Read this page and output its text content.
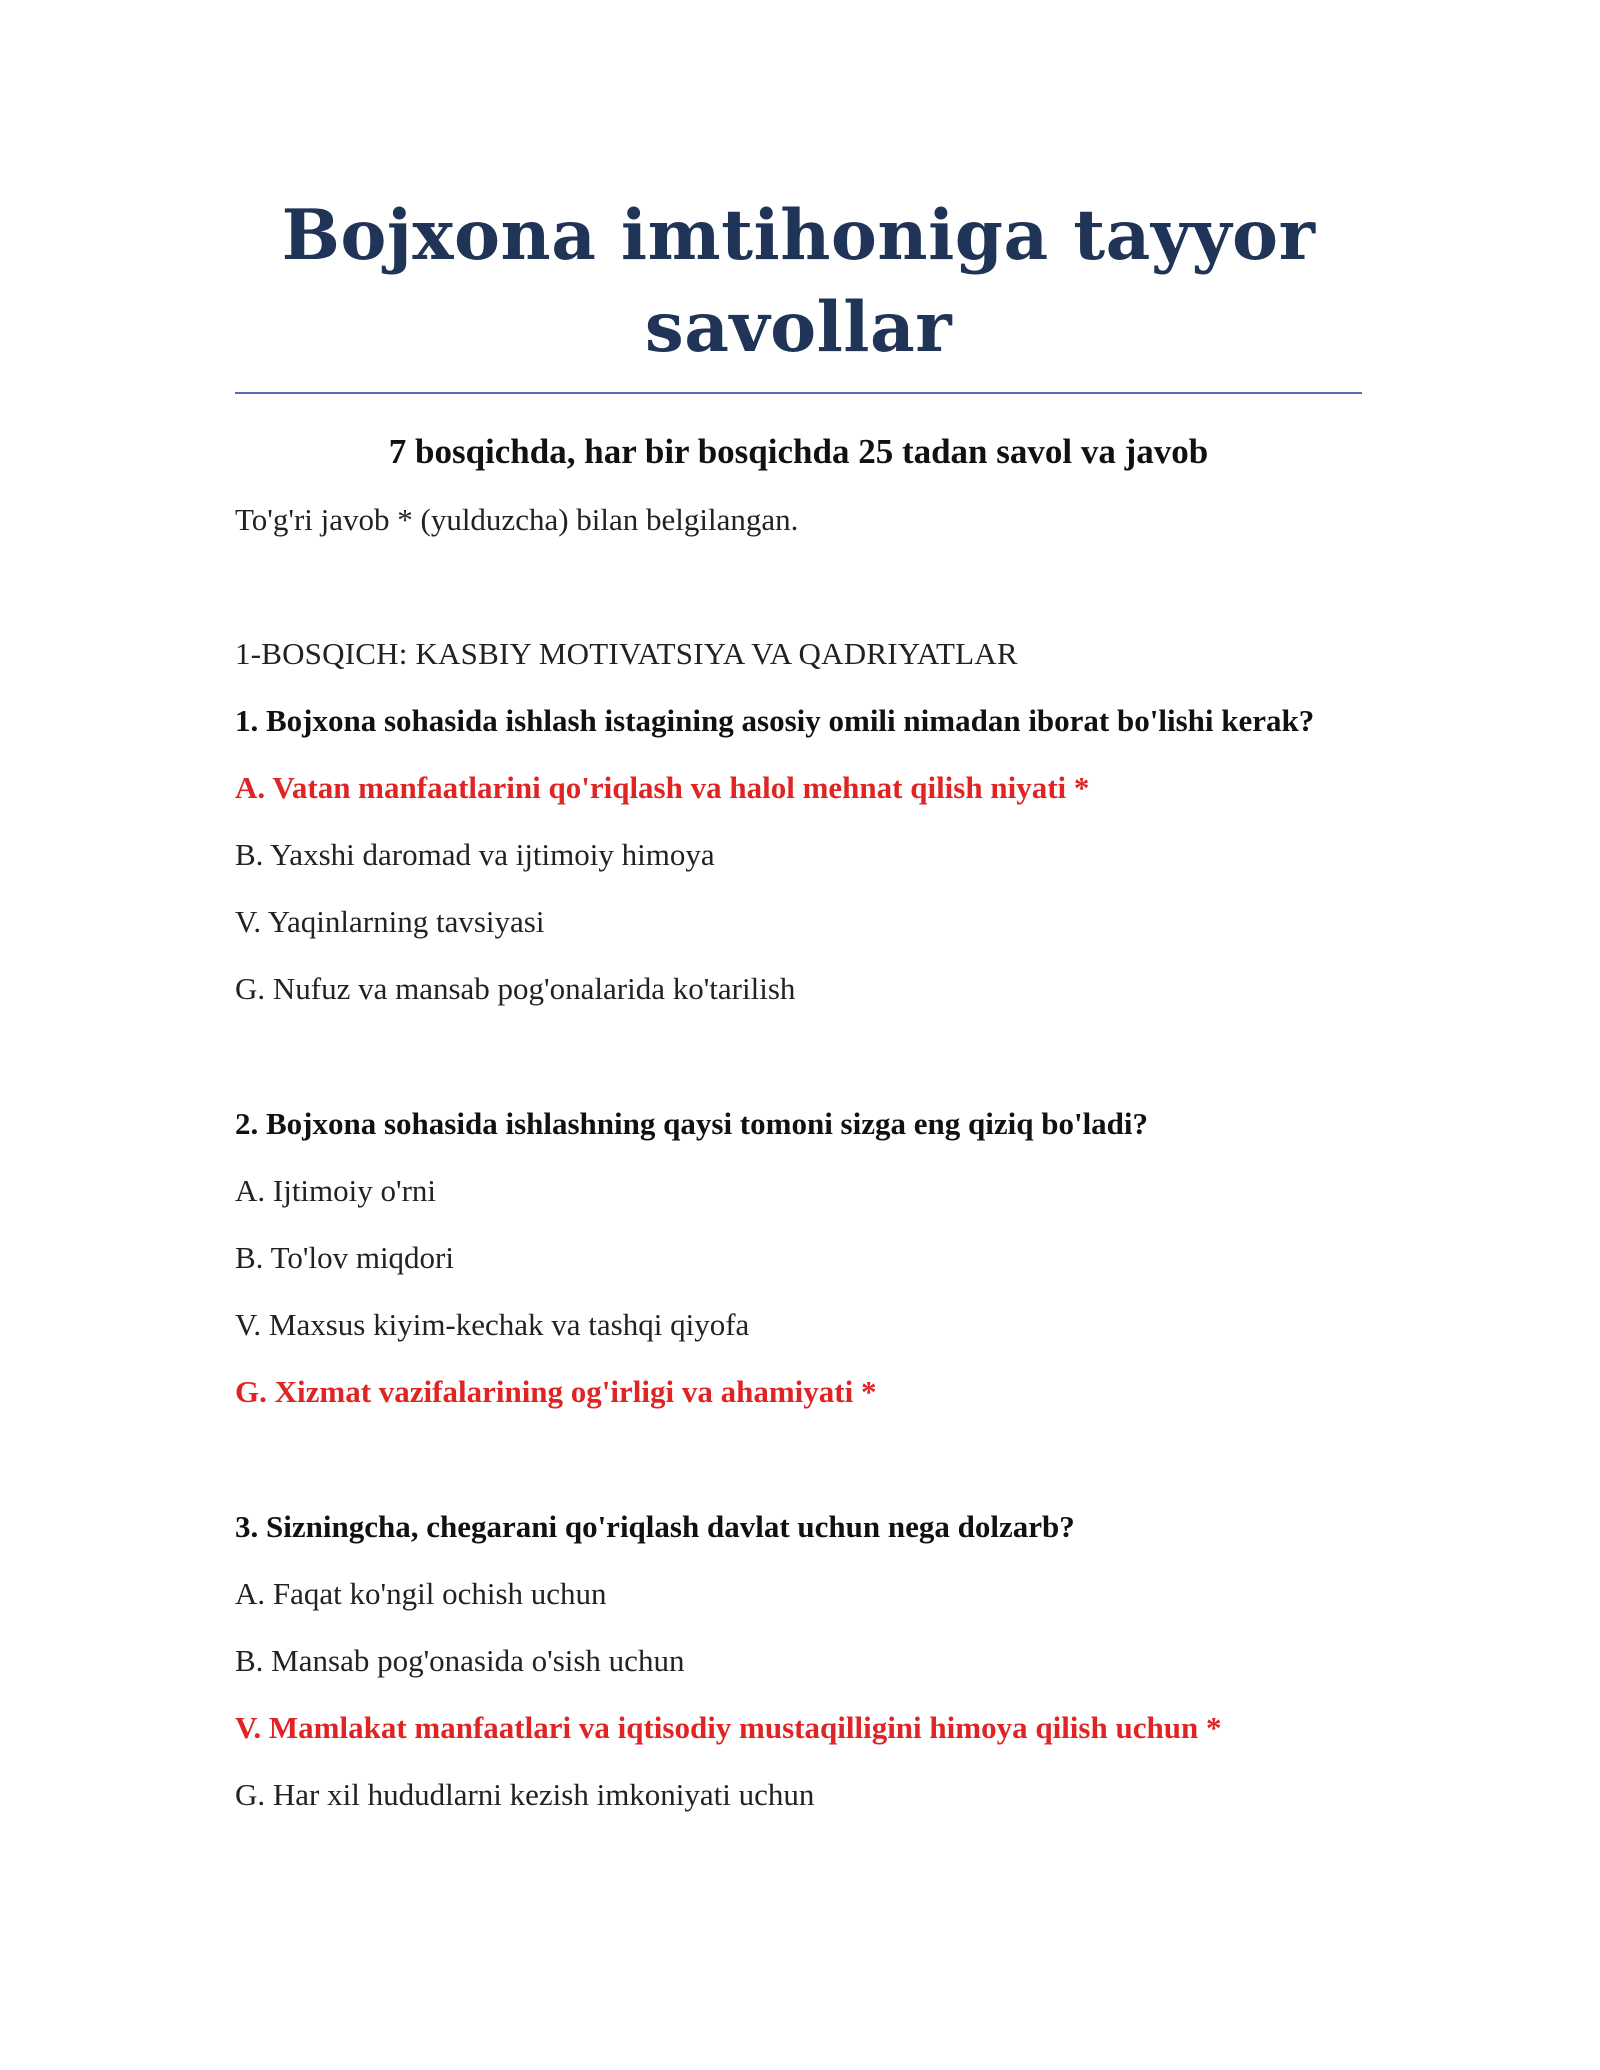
Bojxona imtihoniga tayyor
savollar

7 bosqichda, har bir bosqichda 25 tadan savol va javob

To'g'ri javob * (yulduzcha) bilan belgilangan.

1-BOSQICH: KASBIY MOTIVATSIYA VA QADRIYATLAR

1. Bojxona sohasida ishlash istagining asosiy omili nimadan iborat bo'lishi kerak?

A. Vatan manfaatlarini qo'riqlash va halol mehnat qilish niyati *

B. Yaxshi daromad va ijtimoiy himoya

V. Yaqinlarning tavsiyasi

G. Nufuz va mansab pog'onalarida ko'tarilish

2. Bojxona sohasida ishlashning qaysi tomoni sizga eng qiziq bo'ladi?

A. Ijtimoiy o'rni

B. To'lov miqdori

V. Maxsus kiyim-kechak va tashqi qiyofa

G. Xizmat vazifalarining og'irligi va ahamiyati *

3. Sizningcha, chegarani qo'riqlash davlat uchun nega dolzarb?

A. Faqat ko'ngil ochish uchun

B. Mansab pog'onasida o'sish uchun

V. Mamlakat manfaatlari va iqtisodiy mustaqilligini himoya qilish uchun *

G. Har xil hududlarni kezish imkoniyati uchun
